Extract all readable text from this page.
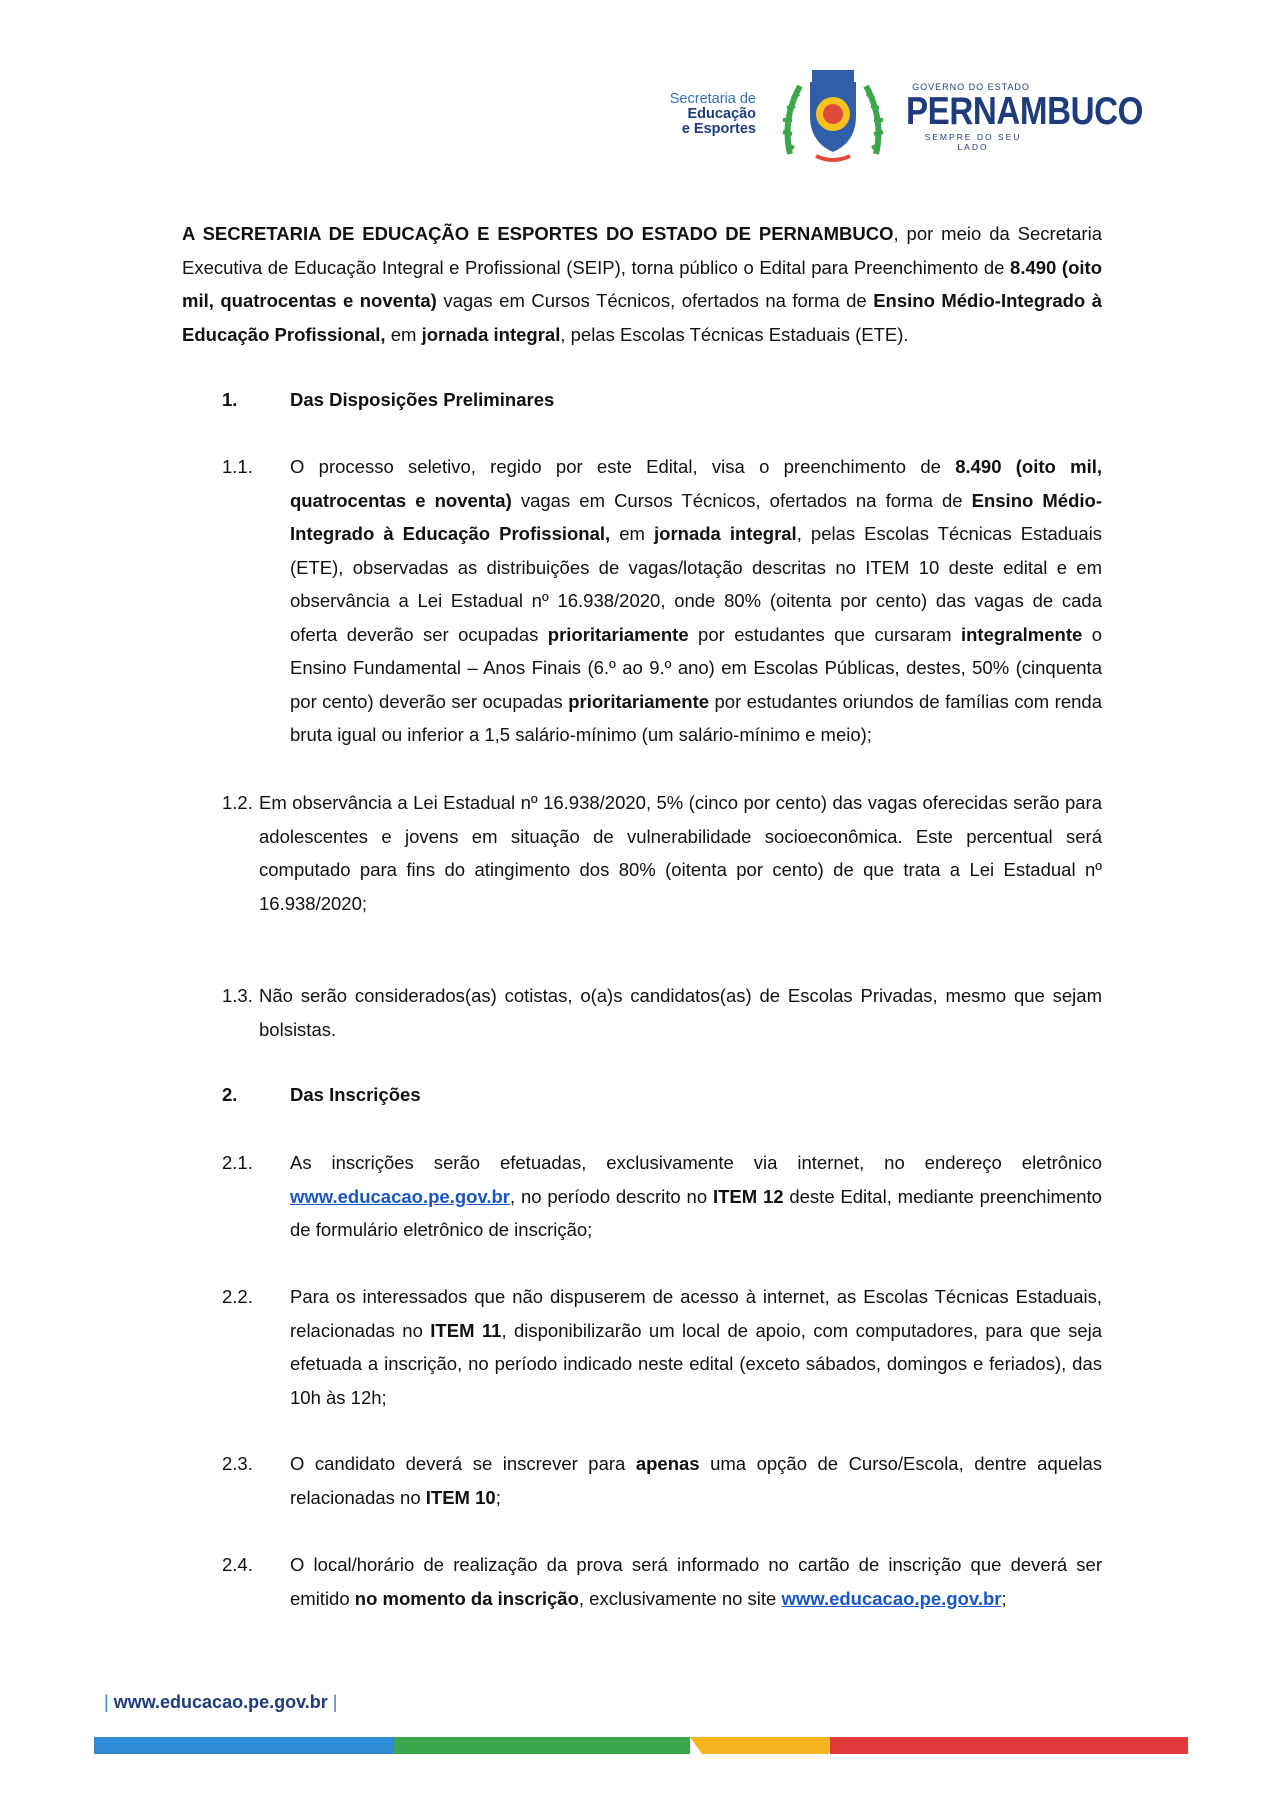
Secretaria de
Educação
e Esportes
GOVERNO DO ESTADO
PERNAMBUCO
SEMPRE DO SEU LADO
A SECRETARIA DE EDUCAÇÃO E ESPORTES DO ESTADO DE PERNAMBUCO, por meio da Secretaria Executiva de Educação Integral e Profissional (SEIP), torna público o Edital para Preenchimento de 8.490 (oito mil, quatrocentas e noventa) vagas em Cursos Técnicos, ofertados na forma de Ensino Médio-Integrado à Educação Profissional, em jornada integral, pelas Escolas Técnicas Estaduais (ETE).
1.	Das Disposições Preliminares
1.1. O processo seletivo, regido por este Edital, visa o preenchimento de 8.490 (oito mil, quatrocentas e noventa) vagas em Cursos Técnicos, ofertados na forma de Ensino Médio-Integrado à Educação Profissional, em jornada integral, pelas Escolas Técnicas Estaduais (ETE), observadas as distribuições de vagas/lotação descritas no ITEM 10 deste edital e em observância a Lei Estadual nº 16.938/2020, onde 80% (oitenta por cento) das vagas de cada oferta deverão ser ocupadas prioritariamente por estudantes que cursaram integralmente o Ensino Fundamental – Anos Finais (6.º ao 9.º ano) em Escolas Públicas, destes, 50% (cinquenta por cento) deverão ser ocupadas prioritariamente por estudantes oriundos de famílias com renda bruta igual ou inferior a 1,5 salário-mínimo (um salário-mínimo e meio);
1.2. Em observância a Lei Estadual nº 16.938/2020, 5% (cinco por cento) das vagas oferecidas serão para adolescentes e jovens em situação de vulnerabilidade socioeconômica. Este percentual será computado para fins do atingimento dos 80% (oitenta por cento) de que trata a Lei Estadual nº 16.938/2020;
1.3. Não serão considerados(as) cotistas, o(a)s candidatos(as) de Escolas Privadas, mesmo que sejam bolsistas.
2.	Das Inscrições
2.1. As inscrições serão efetuadas, exclusivamente via internet, no endereço eletrônico www.educacao.pe.gov.br, no período descrito no ITEM 12 deste Edital, mediante preenchimento de formulário eletrônico de inscrição;
2.2. Para os interessados que não dispuserem de acesso à internet, as Escolas Técnicas Estaduais, relacionadas no ITEM 11, disponibilizarão um local de apoio, com computadores, para que seja efetuada a inscrição, no período indicado neste edital (exceto sábados, domingos e feriados), das 10h às 12h;
2.3. O candidato deverá se inscrever para apenas uma opção de Curso/Escola, dentre aquelas relacionadas no ITEM 10;
2.4. O local/horário de realização da prova será informado no cartão de inscrição que deverá ser emitido no momento da inscrição, exclusivamente no site www.educacao.pe.gov.br;
| www.educacao.pe.gov.br |
